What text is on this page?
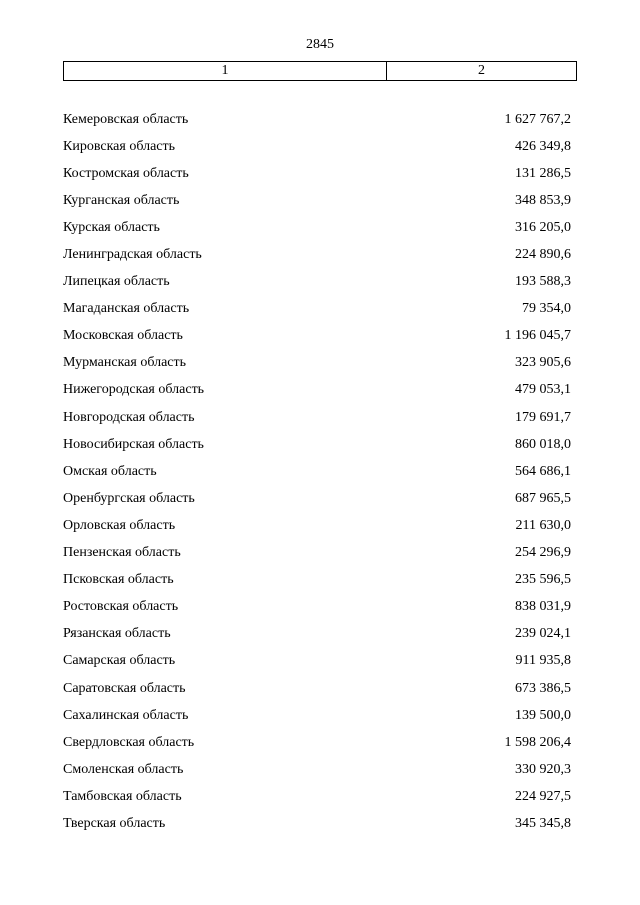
2845
1	2
Кемеровская область	1 627 767,2
Кировская область	426 349,8
Костромская область	131 286,5
Курганская область	348 853,9
Курская область	316 205,0
Ленинградская область	224 890,6
Липецкая область	193 588,3
Магаданская область	79 354,0
Московская область	1 196 045,7
Мурманская область	323 905,6
Нижегородская область	479 053,1
Новгородская область	179 691,7
Новосибирская область	860 018,0
Омская область	564 686,1
Оренбургская область	687 965,5
Орловская область	211 630,0
Пензенская область	254 296,9
Псковская область	235 596,5
Ростовская область	838 031,9
Рязанская область	239 024,1
Самарская область	911 935,8
Саратовская область	673 386,5
Сахалинская область	139 500,0
Свердловская область	1 598 206,4
Смоленская область	330 920,3
Тамбовская область	224 927,5
Тверская область	345 345,8
